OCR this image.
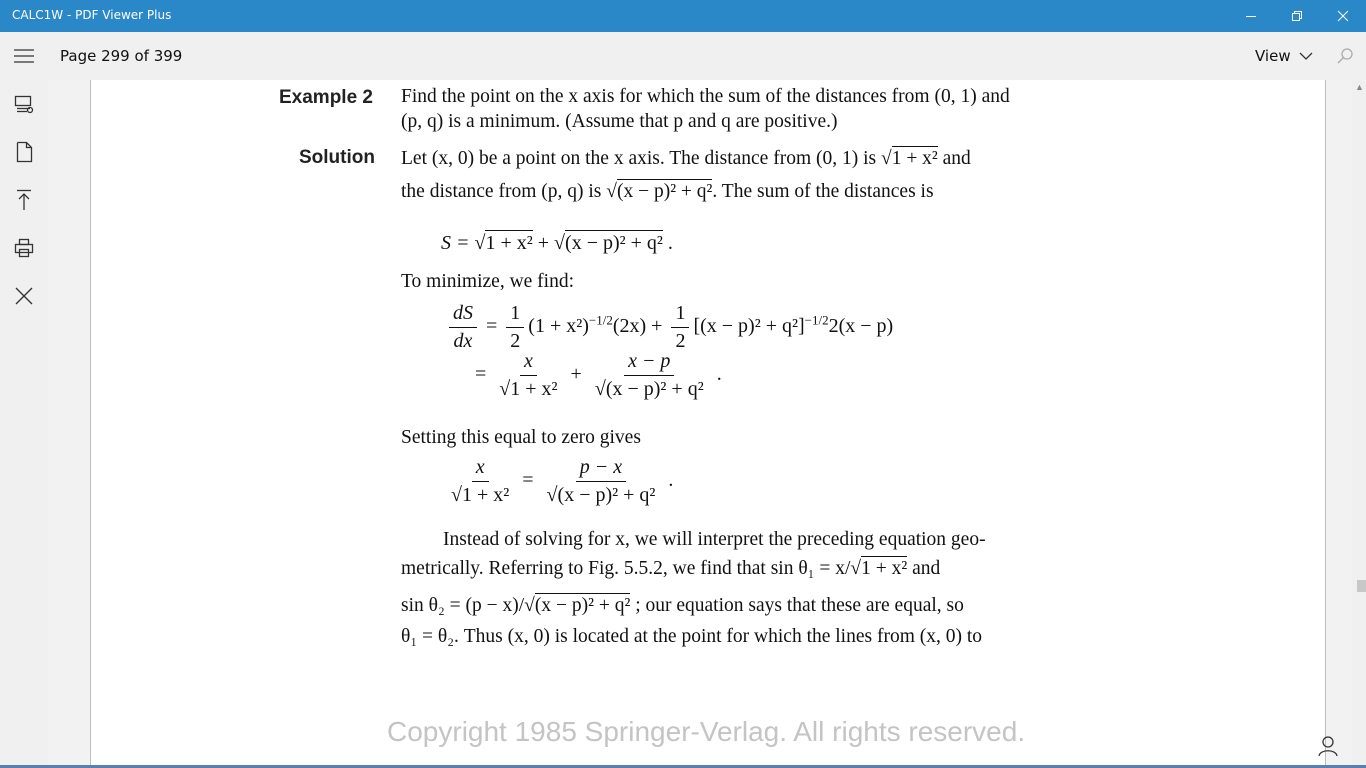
CALC1W - PDF Viewer Plus
Page 299 of 399	View
Example 2 Find the point on the x axis for which the sum of the distances from (0, 1) and
(p, q) is a minimum. (Assume that p and q are positive.)
Solution Let (x, 0) be a point on the x axis. The distance from (0, 1) is √1 + x² and
the distance from (p, q) is √(x − p)² + q². The sum of the distances is
S = √1 + x² + √(x − p)² + q² .
To minimize, we find:
$\frac{dS}{dx} = \frac{1}{2} (1 + x^2)^{-1/2}(2x) + \frac{1}{2} [(x - p)^2 + q^2]^{-1/2}2(x - p)$
= $\frac{x}{\text{√1 + x²}} + \frac{x - p}{\text{√(x − p)² + q²}}$ .
Setting this equal to zero gives
$\frac{x}{\text{√1 + x²}} = \frac{p - x}{\text{√(x − p)² + q²}}$ .
Instead of solving for x, we will interpret the preceding equation geo-
metrically. Referring to Fig. 5.5.2, we find that sin θ₁ = x/√1 + x² and
sin θ₂ = (p − x)/√(x − p)² + q² ; our equation says that these are equal, so
θ₁ = θ₂. Thus (x, 0) is located at the point for which the lines from (x, 0) to
Copyright 1985 Springer-Verlag. All rights reserved.
▲
